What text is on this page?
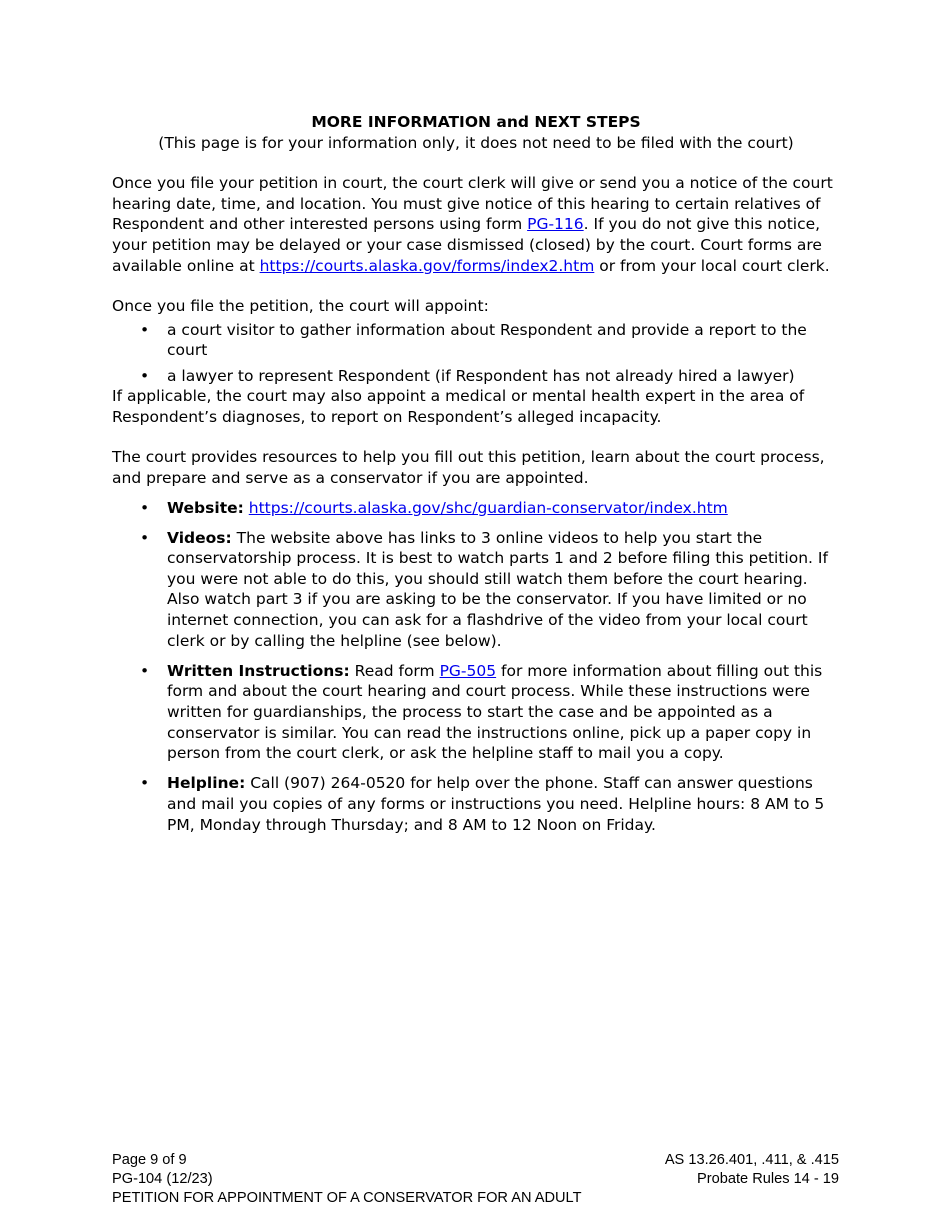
MORE INFORMATION and NEXT STEPS
(This page is for your information only, it does not need to be filed with the court)

Once you file your petition in court, the court clerk will give or send you a notice of the court hearing date, time, and location. You must give notice of this hearing to certain relatives of Respondent and other interested persons using form PG-116. If you do not give this notice, your petition may be delayed or your case dismissed (closed) by the court. Court forms are available online at https://courts.alaska.gov/forms/index2.htm or from your local court clerk.

Once you file the petition, the court will appoint:

• a court visitor to gather information about Respondent and provide a report to the court
• a lawyer to represent Respondent (if Respondent has not already hired a lawyer)

If applicable, the court may also appoint a medical or mental health expert in the area of Respondent’s diagnoses, to report on Respondent’s alleged incapacity.

The court provides resources to help you fill out this petition, learn about the court process, and prepare and serve as a conservator if you are appointed.

• Website: https://courts.alaska.gov/shc/guardian-conservator/index.htm
• Videos: The website above has links to 3 online videos to help you start the conservatorship process. It is best to watch parts 1 and 2 before filing this petition. If you were not able to do this, you should still watch them before the court hearing. Also watch part 3 if you are asking to be the conservator. If you have limited or no internet connection, you can ask for a flashdrive of the video from your local court clerk or by calling the helpline (see below).
• Written Instructions: Read form PG-505 for more information about filling out this form and about the court hearing and court process. While these instructions were written for guardianships, the process to start the case and be appointed as a conservator is similar. You can read the instructions online, pick up a paper copy in person from the court clerk, or ask the helpline staff to mail you a copy.
• Helpline: Call (907) 264-0520 for help over the phone. Staff can answer questions and mail you copies of any forms or instructions you need. Helpline hours: 8 AM to 5 PM, Monday through Thursday; and 8 AM to 12 Noon on Friday.
Page 9 of 9
PG-104 (12/23)
AS 13.26.401, .411, & .415
Probate Rules 14 - 19
PETITION FOR APPOINTMENT OF A CONSERVATOR FOR AN ADULT
